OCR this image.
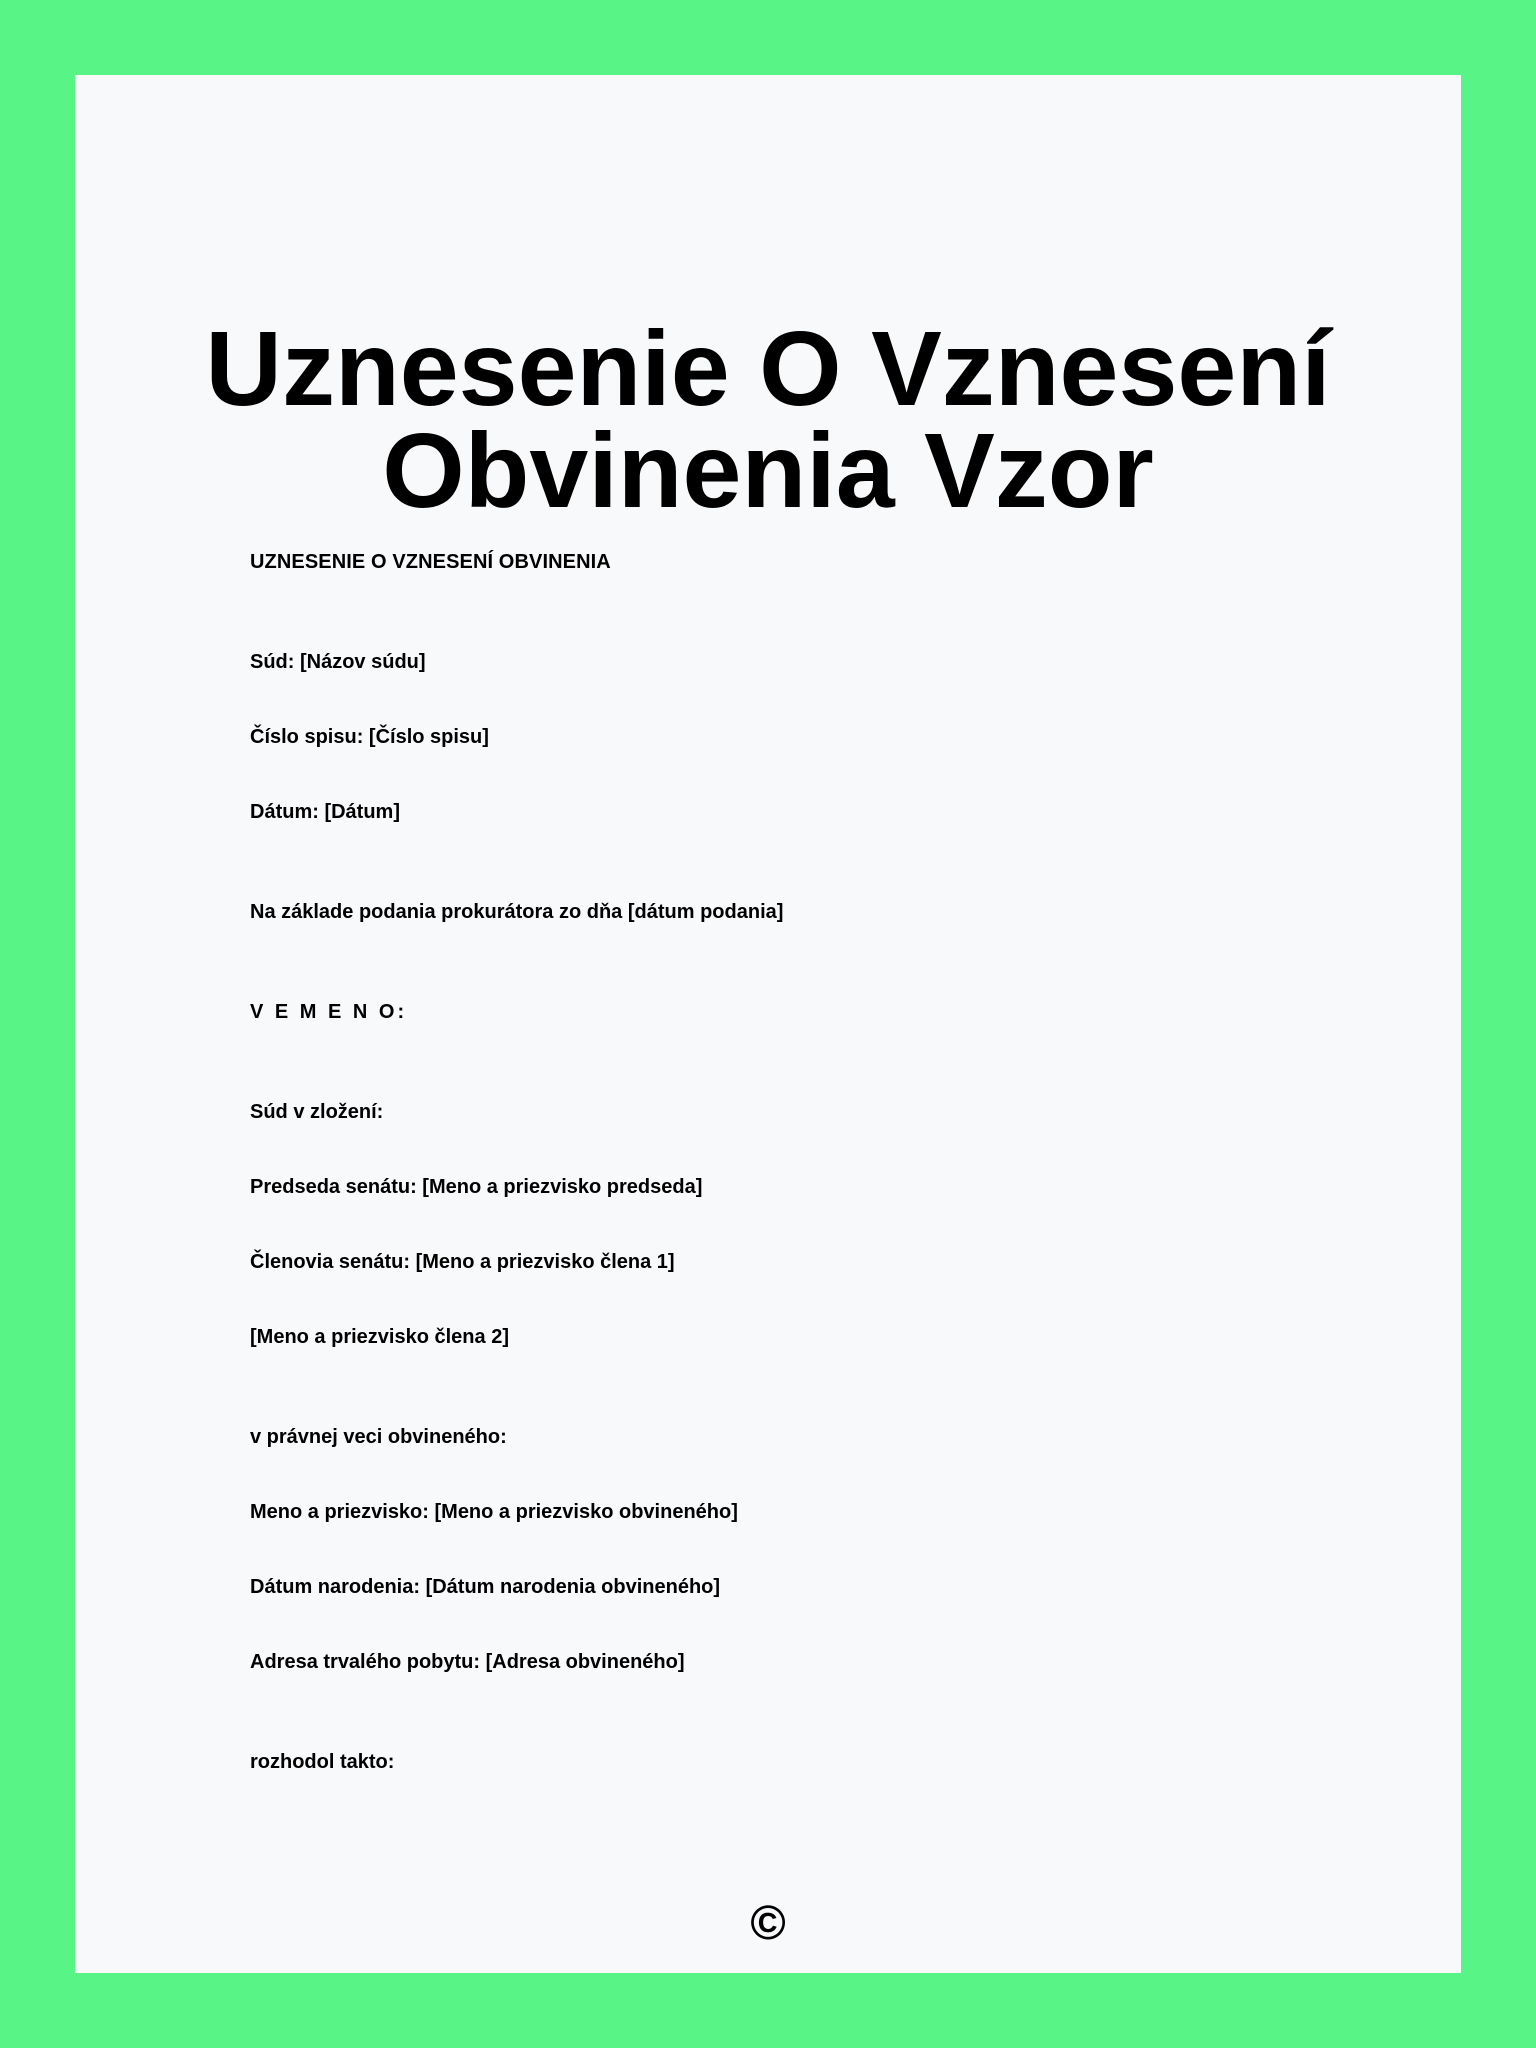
Uznesenie O Vznesení
Obvinenia Vzor
UZNESENIE O VZNESENÍ OBVINENIA
Súd: [Názov súdu]
Číslo spisu: [Číslo spisu]
Dátum: [Dátum]
Na základe podania prokurátora zo dňa [dátum podania]
V E M E N O:
Súd v zložení:
Predseda senátu: [Meno a priezvisko predseda]
Členovia senátu: [Meno a priezvisko člena 1]
[Meno a priezvisko člena 2]
v právnej veci obvineného:
Meno a priezvisko: [Meno a priezvisko obvineného]
Dátum narodenia: [Dátum narodenia obvineného]
Adresa trvalého pobytu: [Adresa obvineného]
rozhodol takto:
©
